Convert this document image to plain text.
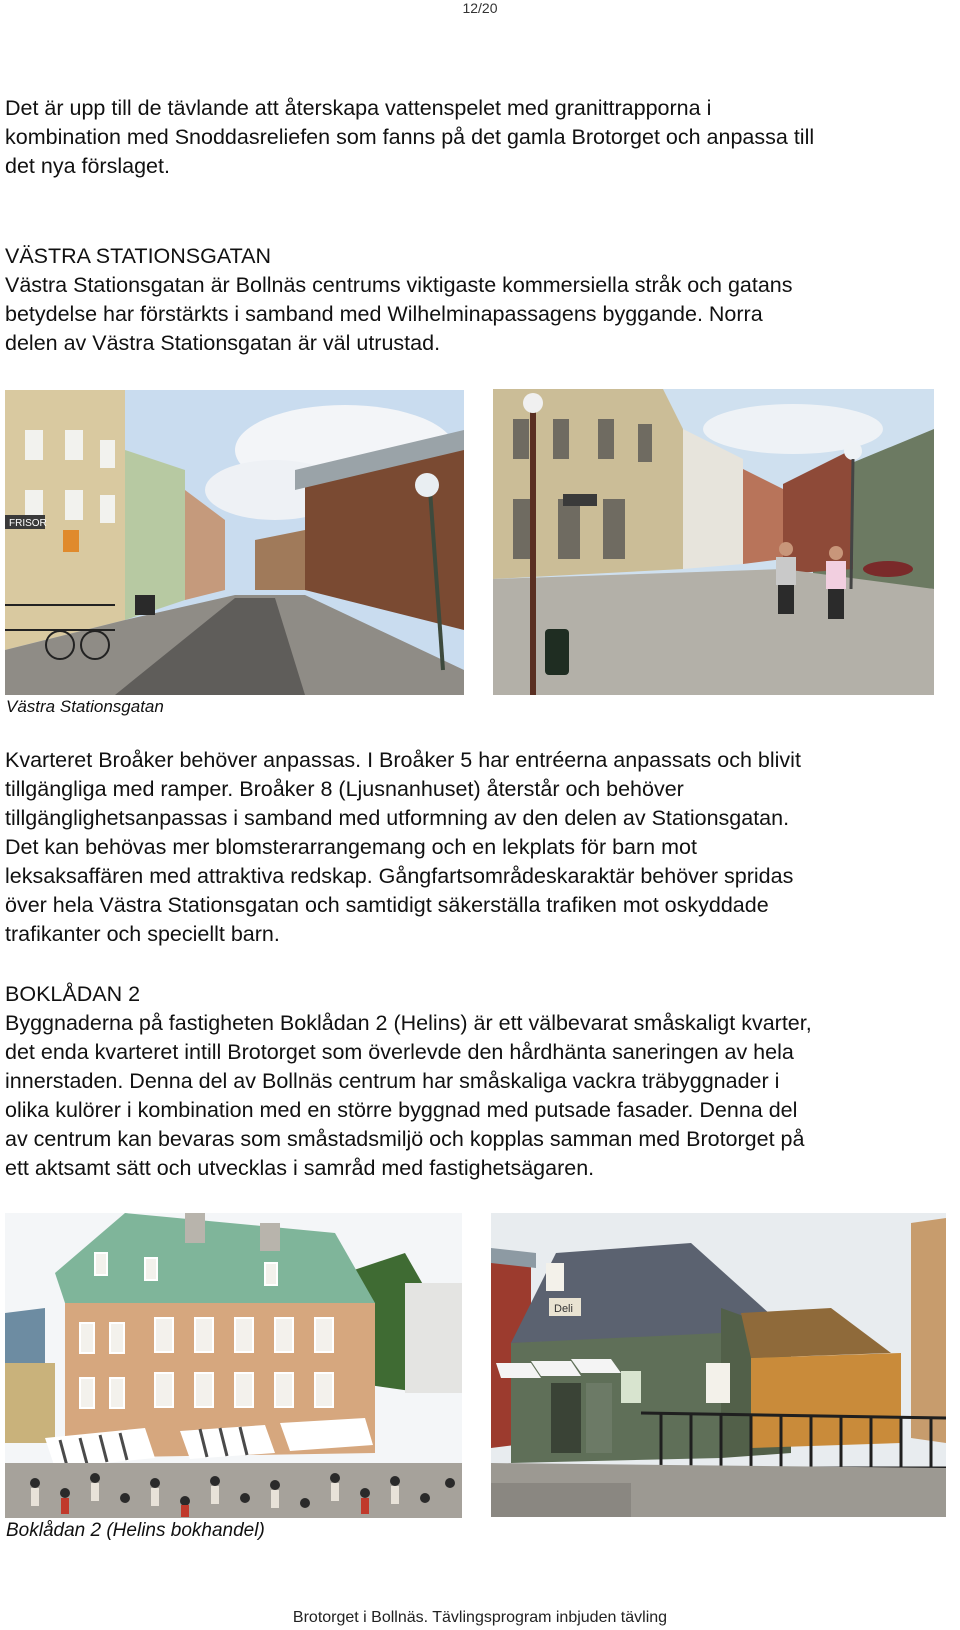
12/20

Det är upp till de tävlande att återskapa vattenspelet med granittrapporna i
kombination med Snoddasreliefen som fanns på det gamla Brotorget och anpassa till
det nya förslaget.

VÄSTRA STATIONSGATAN
Västra Stationsgatan är Bollnäs centrums viktigaste kommersiella stråk och gatans
betydelse har förstärkts i samband med Wilhelminapassagens byggande. Norra
delen av Västra Stationsgatan är väl utrustad.

FRISOR

Västra Stationsgatan

Kvarteret Broåker behöver anpassas. I Broåker 5 har entréerna anpassats och blivit
tillgängliga med ramper. Broåker 8 (Ljusnanhuset) återstår och behöver
tillgänglighetsanpassas i samband med utformning av den delen av Stationsgatan.
Det kan behövas mer blomsterarrangemang och en lekplats för barn mot
leksaksaffären med attraktiva redskap. Gångfartsområdeskaraktär behöver spridas
över hela Västra Stationsgatan och samtidigt säkerställa trafiken mot oskyddade
trafikanter och speciellt barn.

BOKLÅDAN 2
Byggnaderna på fastigheten Boklådan 2 (Helins) är ett välbevarat småskaligt kvarter,
det enda kvarteret intill Brotorget som överlevde den hårdhänta saneringen av hela
innerstaden. Denna del av Bollnäs centrum har småskaliga vackra träbyggnader i
olika kulörer i kombination med en större byggnad med putsade fasader. Denna del
av centrum kan bevaras som småstadsmiljö och kopplas samman med Brotorget på
ett aktsamt sätt och utvecklas i samråd med fastighetsägaren.

Deli

Boklådan 2 (Helins bokhandel)

Brotorget i Bollnäs. Tävlingsprogram inbjuden tävling
